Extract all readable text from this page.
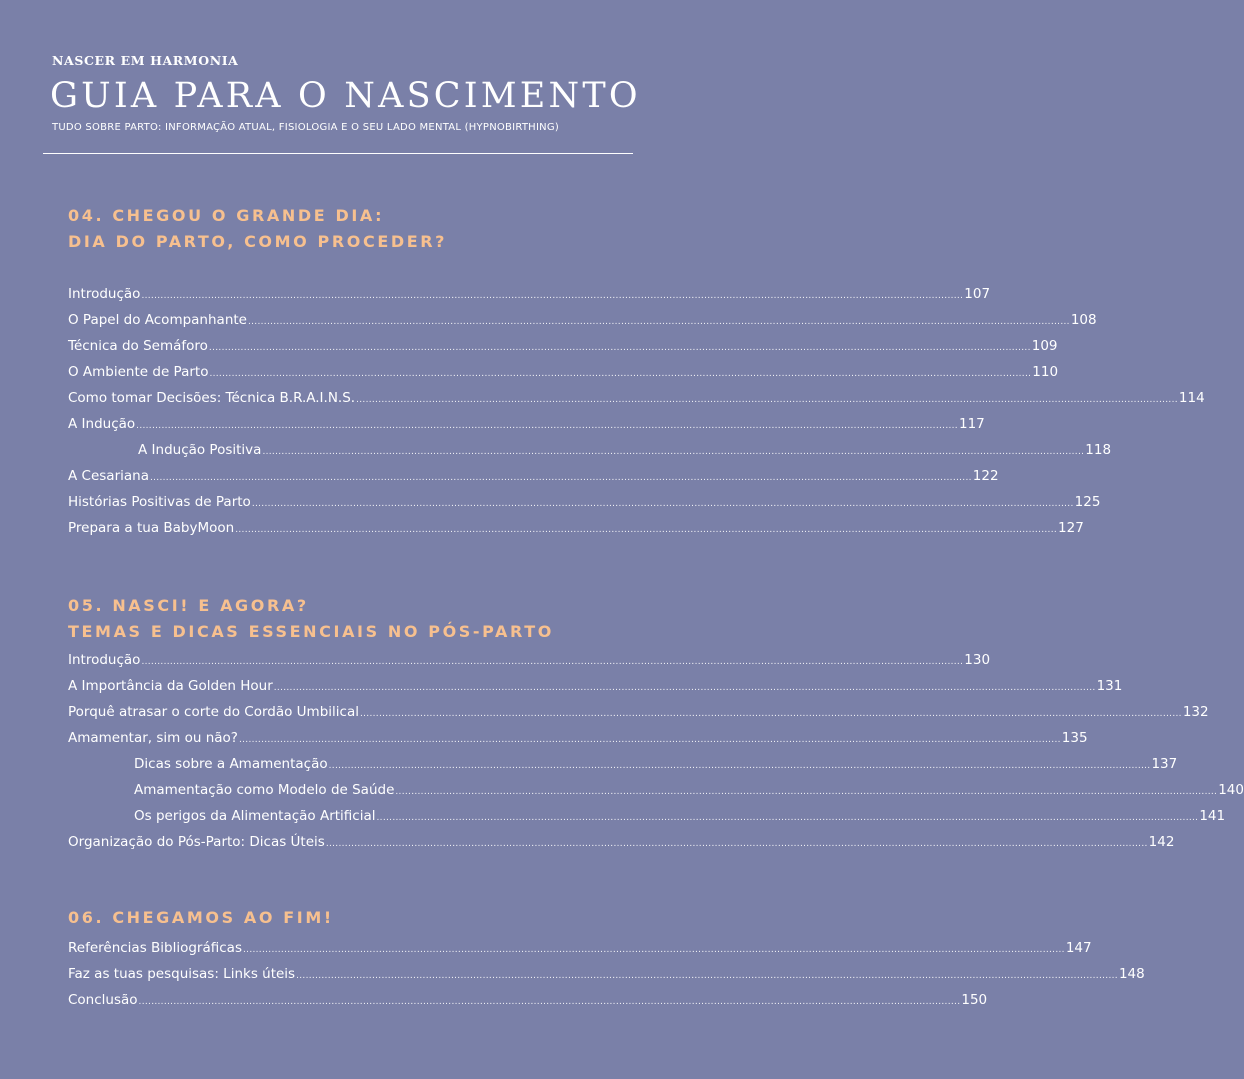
NASCER EM HARMONIA
GUIA PARA O NASCIMENTO
TUDO SOBRE PARTO: INFORMAÇÃO ATUAL, FISIOLOGIA E O SEU LADO MENTAL (HYPNOBIRTHING)
04. CHEGOU O GRANDE DIA:
DIA DO PARTO, COMO PROCEDER?
Introdução .................................................................................................................................................................................................................................................................... 107
O Papel do Acompanhante .................................................................................................................................................................................................................................................................... 108
Técnica do Semáforo .................................................................................................................................................................................................................................................................... 109
O Ambiente de Parto .................................................................................................................................................................................................................................................................... 110
Como tomar Decisões: Técnica B.R.A.I.N.S. .................................................................................................................................................................................................................................................................... 114
A Indução .................................................................................................................................................................................................................................................................... 117
A Indução Positiva .................................................................................................................................................................................................................................................................... 118
A Cesariana .................................................................................................................................................................................................................................................................... 122
Histórias Positivas de Parto .................................................................................................................................................................................................................................................................... 125
Prepara a tua BabyMoon .................................................................................................................................................................................................................................................................... 127
05. NASCI! E AGORA?
TEMAS E DICAS ESSENCIAIS NO PÓS-PARTO
Introdução .................................................................................................................................................................................................................................................................... 130
A Importância da Golden Hour .................................................................................................................................................................................................................................................................... 131
Porquê atrasar o corte do Cordão Umbilical .................................................................................................................................................................................................................................................................... 132
Amamentar, sim ou não? .................................................................................................................................................................................................................................................................... 135
Dicas sobre a Amamentação .................................................................................................................................................................................................................................................................... 137
Amamentação como Modelo de Saúde .................................................................................................................................................................................................................................................................... 140
Os perigos da Alimentação Artificial .................................................................................................................................................................................................................................................................... 141
Organização do Pós-Parto: Dicas Úteis .................................................................................................................................................................................................................................................................... 142
06. CHEGAMOS AO FIM!
Referências Bibliográficas .................................................................................................................................................................................................................................................................... 147
Faz as tuas pesquisas: Links úteis .................................................................................................................................................................................................................................................................... 148
Conclusão .................................................................................................................................................................................................................................................................... 150
